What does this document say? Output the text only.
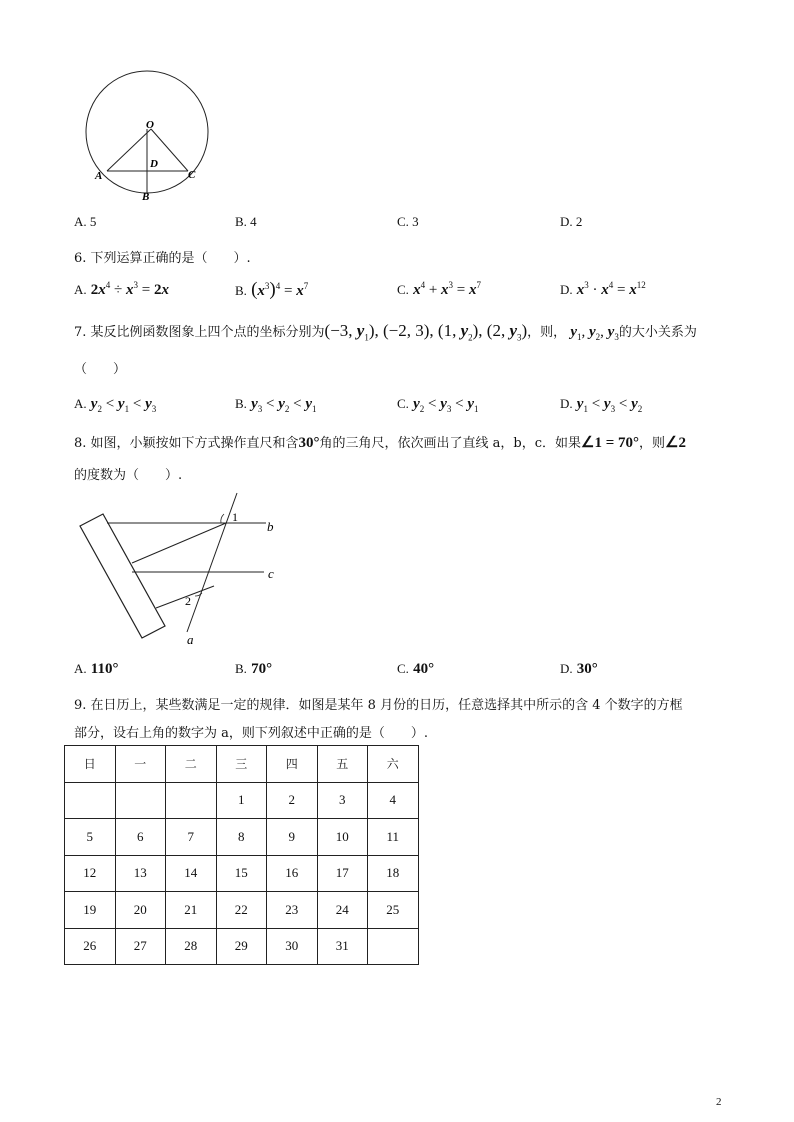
O
D
A	C
B
A. 5	B. 4	C. 3	D. 2
6. 下列运算正确的是（　　）.
A. $2x^4 \div x^3 = 2x$	B. $(x^3)^4 = x^7$	C. $x^4 + x^3 = x^7$	D. $x^3 \cdot x^4 = x^{12}$
7. 某反比例函数图象上四个点的坐标分别为(−3, $y_1$), (−2, 3), (1, $y_2$), (2, $y_3$)，则， $y_1$, $y_2$, $y_3$的大小关系为
（　　）
A. $y_2 < y_1 < y_3$	B. $y_3 < y_2 < y_1$	C. $y_2 < y_3 < y_1$	D. $y_1 < y_3 < y_2$
8. 如图，小颖按如下方式操作直尺和含30°角的三角尺，依次画出了直线 a，b，c．如果∠1 = 70°，则∠2
的度数为（　　）.
b
c
a
1
2
A. 110°	B. 70°	C. 40°	D. 30°
9. 在日历上，某些数满足一定的规律．如图是某年 8 月份的日历，任意选择其中所示的含 4 个数字的方框
部分，设右上角的数字为 a，则下列叙述中正确的是（　　）.
日	一	二	三	四	五	六
			1	2	3	4
5	6	7	8	9	10	11
12	13	14	15	16	17	18
19	20	21	22	23	24	25
26	27	28	29	30	31	
2
